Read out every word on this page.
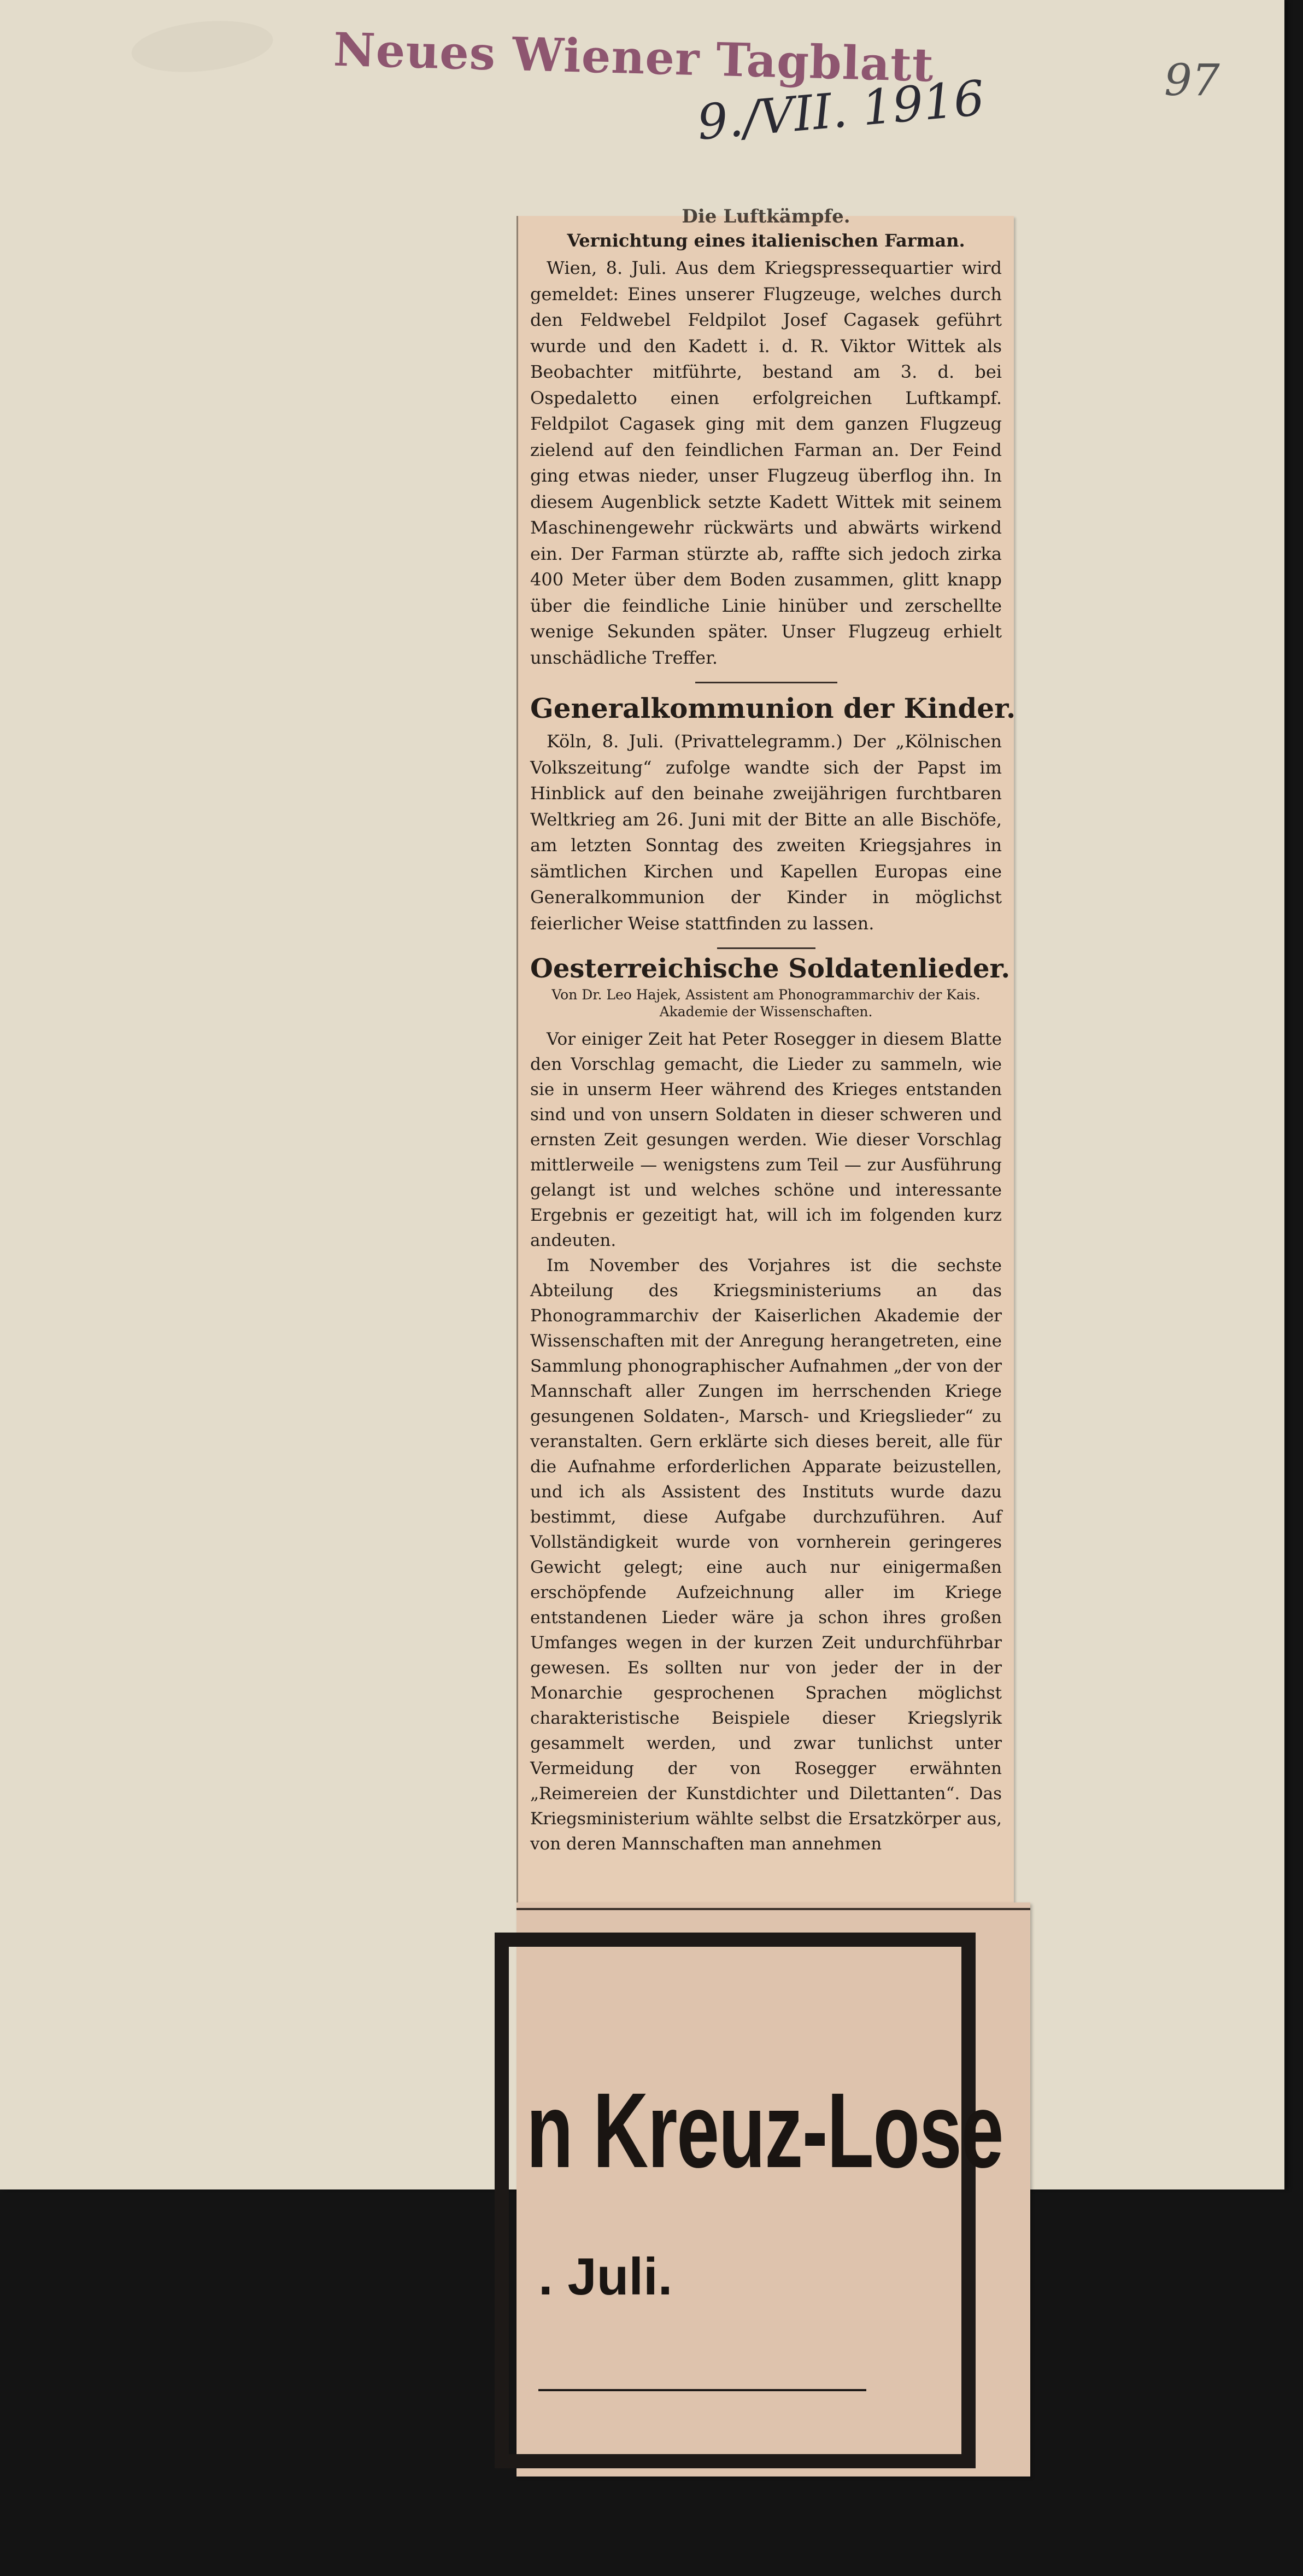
Neues Wiener Tagblatt
9./VII. 1916	97
Die Luftkämpfe.
Vernichtung eines italienischen Farman.

Wien, 8. Juli. Aus dem Kriegspressequartier wird gemeldet: Eines unserer Flugzeuge, welches durch den Feldwebel Feldpilot Josef Cagasek geführt wurde und den Kadett i. d. R. Viktor Wittek als Beobachter mitführte, bestand am 3. d. bei Ospedaletto einen erfolgreichen Luftkampf. Feldpilot Cagasek ging mit dem ganzen Flugzeug zielend auf den feindlichen Farman an. Der Feind ging etwas nieder, unser Flugzeug überflog ihn. In diesem Augenblick setzte Kadett Wittek mit seinem Maschinengewehr rückwärts und abwärts wirkend ein. Der Farman stürzte ab, raffte sich jedoch zirka 400 Meter über dem Boden zusammen, glitt knapp über die feindliche Linie hinüber und zerschellte wenige Sekunden später. Unser Flugzeug erhielt unschädliche Treffer.

Generalkommunion der Kinder.

Köln, 8. Juli. (Privattelegramm.) Der „Kölnischen Volkszeitung“ zufolge wandte sich der Papst im Hinblick auf den beinahe zweijährigen furchtbaren Weltkrieg am 26. Juni mit der Bitte an alle Bischöfe, am letzten Sonntag des zweiten Kriegsjahres in sämtlichen Kirchen und Kapellen Europas eine Generalkommunion der Kinder in möglichst feierlicher Weise stattfinden zu lassen.

Oesterreichische Soldatenlieder.
Von Dr. Leo Hajek, Assistent am Phonogrammarchiv der Kais. Akademie der Wissenschaften.

Vor einiger Zeit hat Peter Rosegger in diesem Blatte den Vorschlag gemacht, die Lieder zu sammeln, wie sie in unserm Heer während des Krieges entstanden sind und von unsern Soldaten in dieser schweren und ernsten Zeit gesungen werden. Wie dieser Vorschlag mittlerweile — wenigstens zum Teil — zur Ausführung gelangt ist und welches schöne und interessante Ergebnis er gezeitigt hat, will ich im folgenden kurz andeuten.

Im November des Vorjahres ist die sechste Abteilung des Kriegsministeriums an das Phonogrammarchiv der Kaiserlichen Akademie der Wissenschaften mit der Anregung herangetreten, eine Sammlung phonographischer Aufnahmen „der von der Mannschaft aller Zungen im herrschenden Kriege gesungenen Soldaten-, Marsch- und Kriegslieder“ zu veranstalten. Gern erklärte sich dieses bereit, alle für die Aufnahme erforderlichen Apparate beizustellen, und ich als Assistent des Instituts wurde dazu bestimmt, diese Aufgabe durchzuführen. Auf Vollständigkeit wurde von vornherein geringeres Gewicht gelegt; eine auch nur einigermaßen erschöpfende Aufzeichnung aller im Kriege entstandenen Lieder wäre ja schon ihres großen Umfanges wegen in der kurzen Zeit undurchführbar gewesen. Es sollten nur von jeder der in der Monarchie gesprochenen Sprachen möglichst charakteristische Beispiele dieser Kriegslyrik gesammelt werden, und zwar tunlichst unter Vermeidung der von Rosegger erwähnten „Reimereien der Kunstdichter und Dilettanten“. Das Kriegsministerium wählte selbst die Ersatzkörper aus, von deren Mannschaften man annehmen

n Kreuz-Lose
. Juli.
